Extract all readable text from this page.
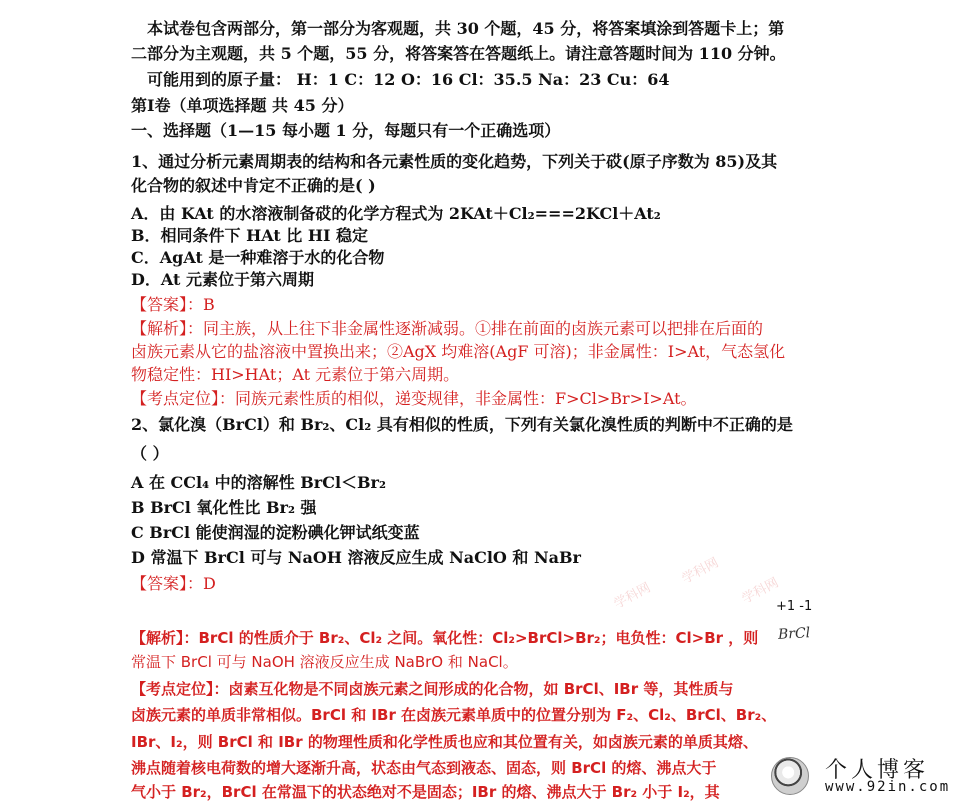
本试卷包含两部分，第一部分为客观题，共 30 个题，45 分，将答案填涂到答题卡上；第
二部分为主观题，共 5 个题，55 分，将答案答在答题纸上。请注意答题时间为 110 分钟。
可能用到的原子量： H：1 C：12 O：16 Cl：35.5 Na：23 Cu：64
第Ⅰ卷（单项选择题 共 45 分）
一、选择题（1—15 每小题 1 分，每题只有一个正确选项）
1、通过分析元素周期表的结构和各元素性质的变化趋势，下列关于砹(原子序数为 85)及其
化合物的叙述中肯定不正确的是( )
A．由 KAt 的水溶液制备砹的化学方程式为 2KAt＋Cl₂===2KCl＋At₂
B．相同条件下 HAt 比 HI 稳定
C．AgAt 是一种难溶于水的化合物
D．At 元素位于第六周期
【答案】：B
【解析】：同主族，从上往下非金属性逐渐减弱。①排在前面的卤族元素可以把排在后面的
卤族元素从它的盐溶液中置换出来；②AgX 均难溶(AgF 可溶)；非金属性：I>At，气态氢化
物稳定性：HI>HAt；At 元素位于第六周期。
【考点定位】：同族元素性质的相似，递变规律，非金属性：F>Cl>Br>I>At。
2、氯化溴（BrCl）和 Br₂、Cl₂ 具有相似的性质，下列有关氯化溴性质的判断中不正确的是
（ ）
A 在 CCl₄ 中的溶解性 BrCl＜Br₂
B BrCl 氧化性比 Br₂ 强
C BrCl 能使润湿的淀粉碘化钾试纸变蓝
D 常温下 BrCl 可与 NaOH 溶液反应生成 NaClO 和 NaBr
【答案】：D
+1 -1
BrCl
【解析】：BrCl 的性质介于 Br₂、Cl₂ 之间。氧化性：Cl₂>BrCl>Br₂；电负性：Cl>Br ，则
常温下 BrCl 可与 NaOH 溶液反应生成 NaBrO 和 NaCl。
【考点定位】：卤素互化物是不同卤族元素之间形成的化合物，如 BrCl、IBr 等，其性质与
卤族元素的单质非常相似。BrCl 和 IBr 在卤族元素单质中的位置分别为 F₂、Cl₂、BrCl、Br₂、
IBr、I₂，则 BrCl 和 IBr 的物理性质和化学性质也应和其位置有关，如卤族元素的单质其熔、
沸点随着核电荷数的增大逐渐升高，状态由气态到液态、固态，则 BrCl 的熔、沸点大于
气小于 Br₂，BrCl 在常温下的状态绝对不是固态；IBr 的熔、沸点大于 Br₂ 小于 I₂，其
学科网
学科网
学科网
个人博客
www.92in.com
